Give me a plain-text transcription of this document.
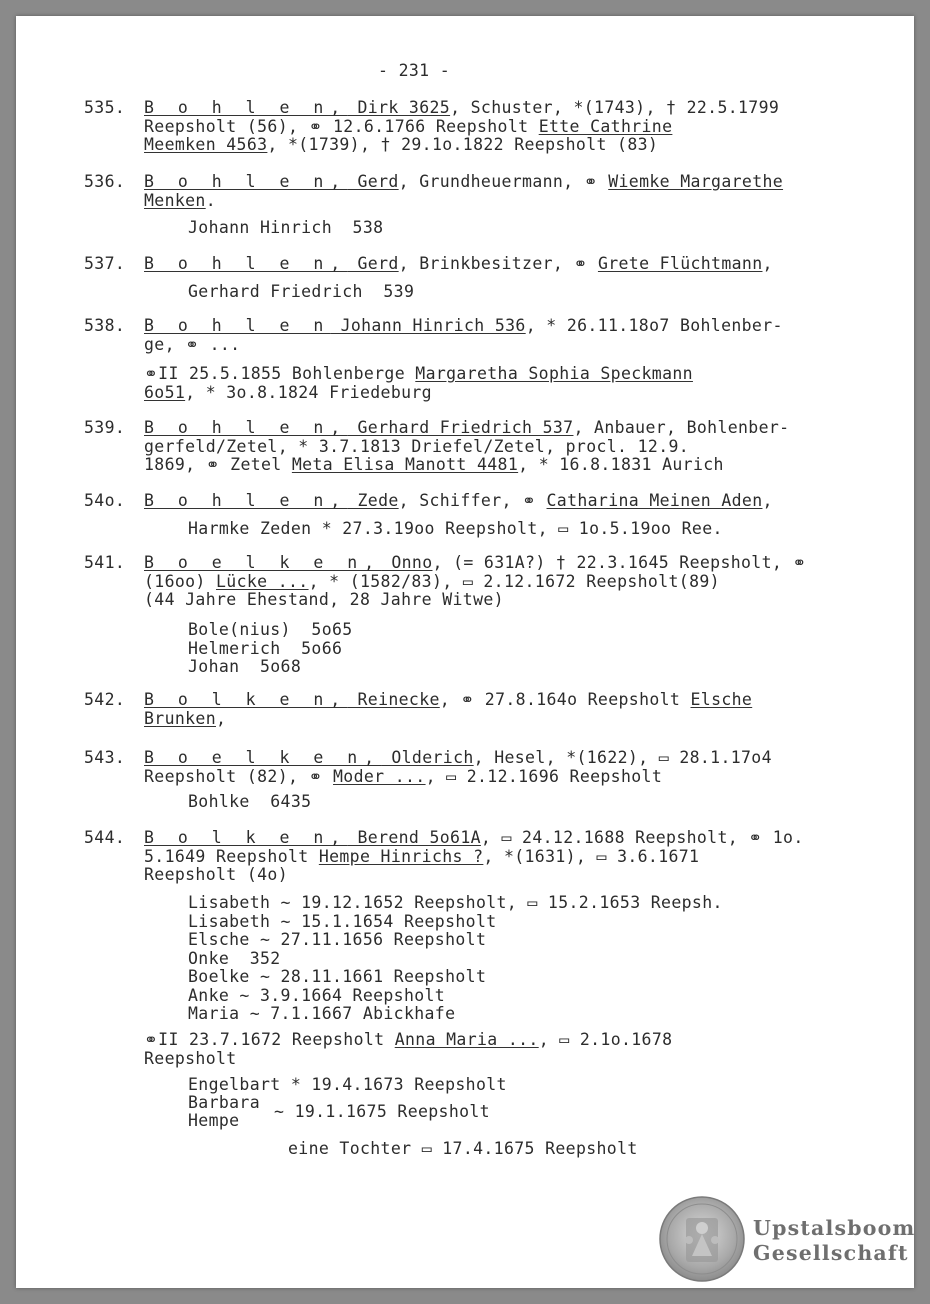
- 231 -
535.	B o h l e n, Dirk 3625, Schuster, *(1743), † 22.5.1799
Reepsholt (56), ⚭ 12.6.1766 Reepsholt Ette Cathrine
Meemken 4563, *(1739), † 29.1o.1822 Reepsholt (83)
536.	B o h l e n, Gerd, Grundheuermann, ⚭ Wiemke Margarethe
Menken.
Johann Hinrich  538
537.	B o h l e n, Gerd, Brinkbesitzer, ⚭ Grete Flüchtmann,
Gerhard Friedrich  539
538.	B o h l e n Johann Hinrich 536, * 26.11.18o7 Bohlenber-
ge, ⚭ ...
⚭II 25.5.1855 Bohlenberge Margaretha Sophia Speckmann
6o51, * 3o.8.1824 Friedeburg
539.	B o h l e n, Gerhard Friedrich 537, Anbauer, Bohlenber-
gerfeld/Zetel, * 3.7.1813 Driefel/Zetel, procl. 12.9.
1869, ⚭ Zetel Meta Elisa Manott 4481, * 16.8.1831 Aurich
54o.	B o h l e n, Zede, Schiffer, ⚭ Catharina Meinen Aden,
Harmke Zeden * 27.3.19oo Reepsholt, ▭ 1o.5.19oo Ree.
541.	B o e l k e n, Onno, (= 631A?) † 22.3.1645 Reepsholt, ⚭
(16oo) Lücke ..., * (1582/83), ▭ 2.12.1672 Reepsholt(89)
(44 Jahre Ehestand, 28 Jahre Witwe)
Bole(nius)  5o65
Helmerich  5o66
Johan  5o68
542.	B o l k e n, Reinecke, ⚭ 27.8.164o Reepsholt Elsche
Brunken,
543.	B o e l k e n, Olderich, Hesel, *(1622), ▭ 28.1.17o4
Reepsholt (82), ⚭ Moder ..., ▭ 2.12.1696 Reepsholt
Bohlke  6435
544.	B o l k e n, Berend 5o61A, ▭ 24.12.1688 Reepsholt, ⚭ 1o.
5.1649 Reepsholt Hempe Hinrichs ?, *(1631), ▭ 3.6.1671
Reepsholt (4o)
⚭II 23.7.1672 Reepsholt Anna Maria ..., ▭ 2.1o.1678
Reepsholt
Lisabeth ~ 19.12.1652 Reepsholt, ▭ 15.2.1653 Reepsh.
Lisabeth ~ 15.1.1654 Reepsholt
Elsche ~ 27.11.1656 Reepsholt
Onke  352
Boelke ~ 28.11.1661 Reepsholt
Anke ~ 3.9.1664 Reepsholt
Maria ~ 7.1.1667 Abickhafe
Engelbart * 19.4.1673 Reepsholt
Barbara
Hempe ~ 19.1.1675 Reepsholt
eine Tochter ▭ 17.4.1675 Reepsholt
Upstalsboom
Gesellschaft
